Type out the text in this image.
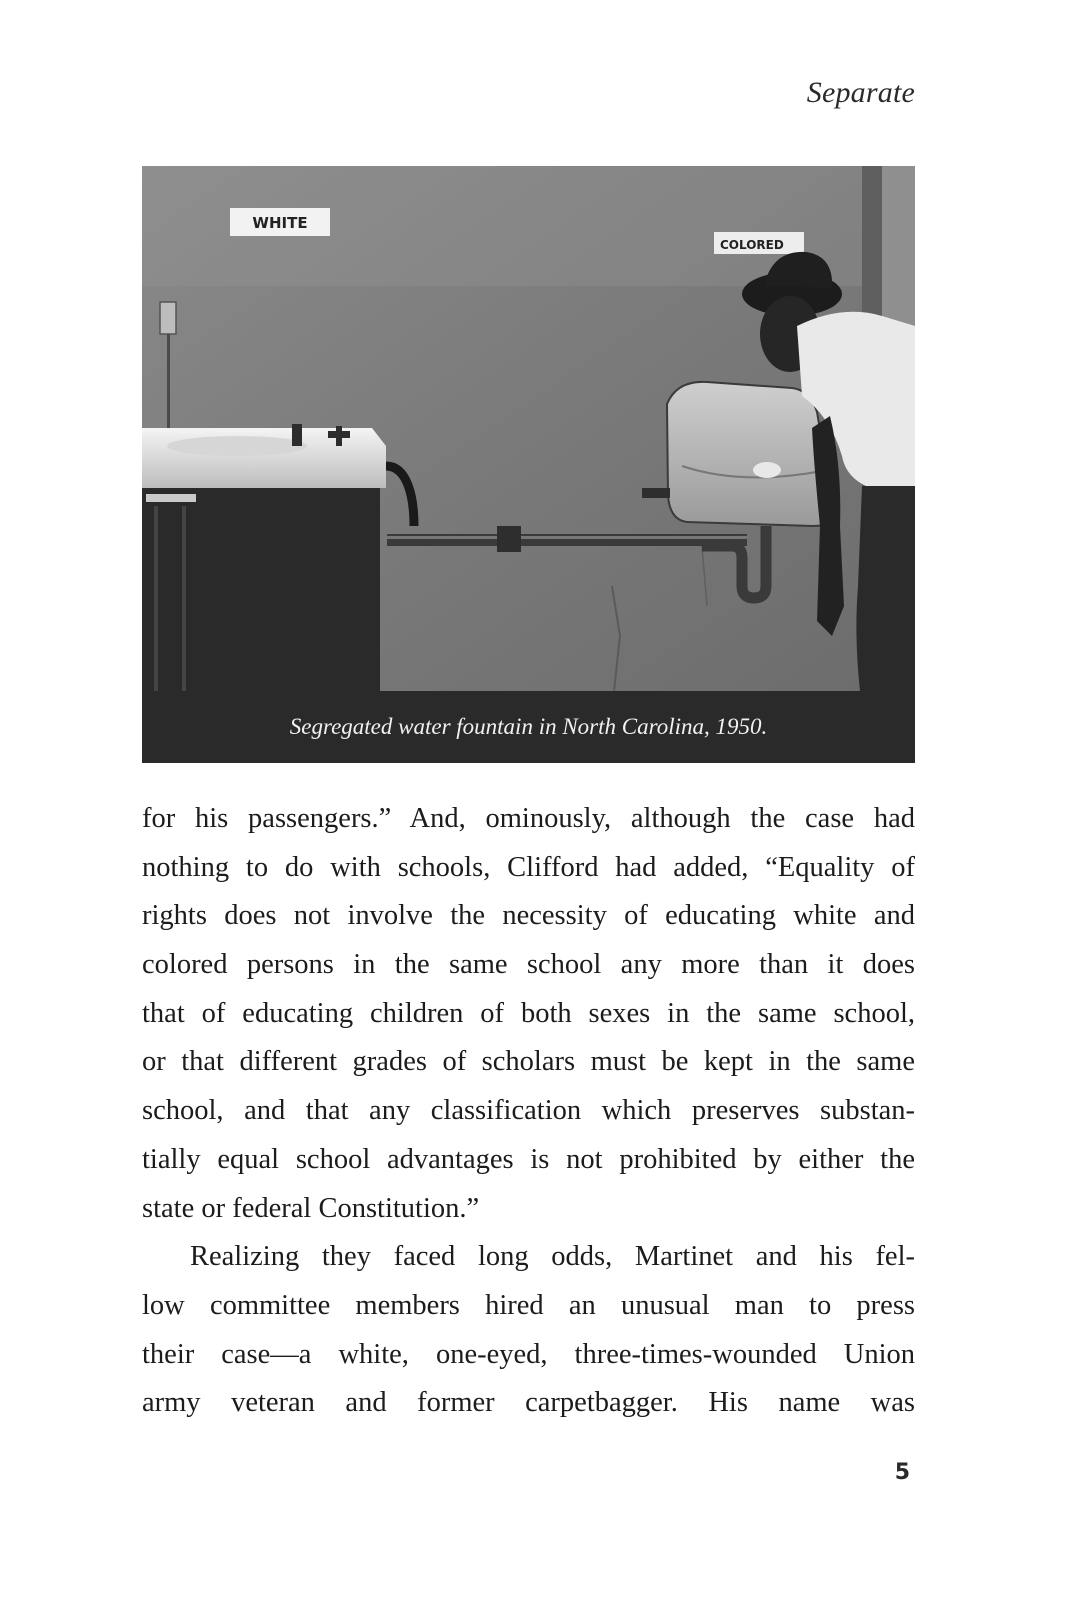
Separate
WHITE
COLORED
Segregated water fountain in North Carolina, 1950.
for his passengers.” And, ominously, although the case had
nothing to do with schools, Clifford had added, “Equality of
rights does not involve the necessity of educating white and
colored persons in the same school any more than it does
that of educating children of both sexes in the same school,
or that different grades of scholars must be kept in the same
school, and that any classification which preserves substan-
tially equal school advantages is not prohibited by either the
state or federal Constitution.”
Realizing they faced long odds, Martinet and his fel-
low committee members hired an unusual man to press
their case—a white, one-eyed, three-times-wounded Union
army veteran and former carpetbagger. His name was
5
